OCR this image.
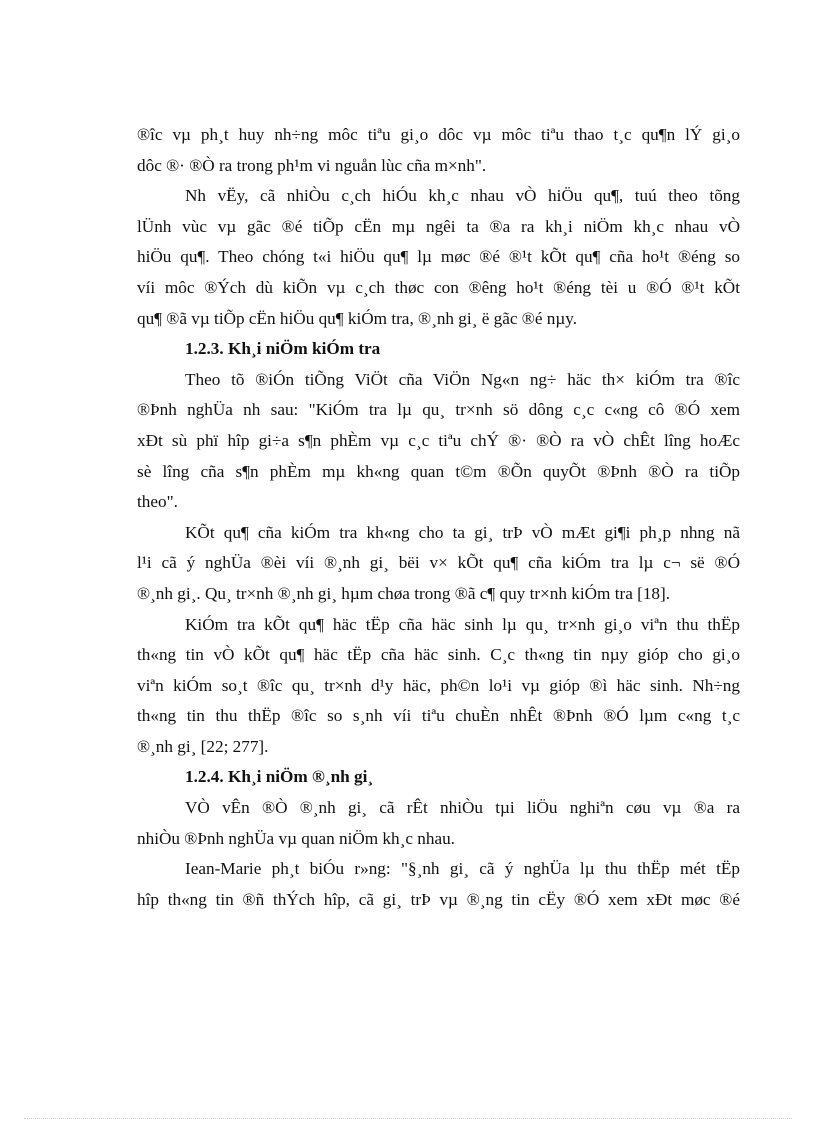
®îc vµ ph¸t huy nh÷ng môc tiªu gi¸o dôc vµ môc tiªu thao t¸c qu¶n lÝ gi¸o
dôc ®· ®Ò ra trong ph¹m vi nguån lùc cña m×nh".
Nh vËy, cã nhiÒu c¸ch hiÓu kh¸c nhau vÒ hiÖu qu¶, tuú theo tõng
lÜnh vùc vµ gãc ®é tiÕp cËn mµ ngêi ta ®a ra kh¸i niÖm kh¸c nhau vÒ
hiÖu qu¶. Theo chóng t«i hiÖu qu¶ lµ møc ®é ®¹t kÕt qu¶ cña ho¹t ®éng so
víi môc ®Ých dù kiÕn vµ c¸ch thøc con ®êng ho¹t ®éng tèi u ®Ó ®¹t kÕt
qu¶ ®ã vµ tiÕp cËn hiÖu qu¶ kiÓm tra, ®¸nh gi¸ ë gãc ®é nµy.
1.2.3. Kh¸i niÖm kiÓm tra
Theo tõ ®iÓn tiÕng ViÖt cña ViÖn Ng«n ng÷ häc th× kiÓm tra ®îc
®Þnh nghÜa nh sau: "KiÓm tra lµ qu¸ tr×nh sö dông c¸c c«ng cô ®Ó xem
xÐt sù phï hîp gi÷a s¶n phÈm vµ c¸c tiªu chÝ ®· ®Ò ra vÒ chÊt lîng hoÆc
sè lîng cña s¶n phÈm mµ kh«ng quan t©m ®Õn quyÕt ®Þnh ®Ò ra tiÕp
theo".
KÕt qu¶ cña kiÓm tra kh«ng cho ta gi¸ trÞ vÒ mÆt gi¶i ph¸p nhng nã
l¹i cã ý nghÜa ®èi víi ®¸nh gi¸ bëi v× kÕt qu¶ cña kiÓm tra lµ c¬ së ®Ó
®¸nh gi¸. Qu¸ tr×nh ®¸nh gi¸ hµm chøa trong ®ã c¶ quy tr×nh kiÓm tra [18].
KiÓm tra kÕt qu¶ häc tËp cña häc sinh lµ qu¸ tr×nh gi¸o viªn thu thËp
th«ng tin vÒ kÕt qu¶ häc tËp cña häc sinh. C¸c th«ng tin nµy gióp cho gi¸o
viªn kiÓm so¸t ®îc qu¸ tr×nh d¹y häc, ph©n lo¹i vµ gióp ®ì häc sinh. Nh÷ng
th«ng tin thu thËp ®îc so s¸nh víi tiªu chuÈn nhÊt ®Þnh ®Ó lµm c«ng t¸c
®¸nh gi¸ [22; 277].
1.2.4. Kh¸i niÖm ®¸nh gi¸
VÒ vÊn ®Ò ®¸nh gi¸ cã rÊt nhiÒu tµi liÖu nghiªn cøu vµ ®a ra
nhiÒu ®Þnh nghÜa vµ quan niÖm kh¸c nhau.
Iean-Marie ph¸t biÓu r»ng: "§¸nh gi¸ cã ý nghÜa lµ thu thËp mét tËp
hîp th«ng tin ®ñ thÝch hîp, cã gi¸ trÞ vµ ®¸ng tin cËy ®Ó xem xÐt møc ®é
